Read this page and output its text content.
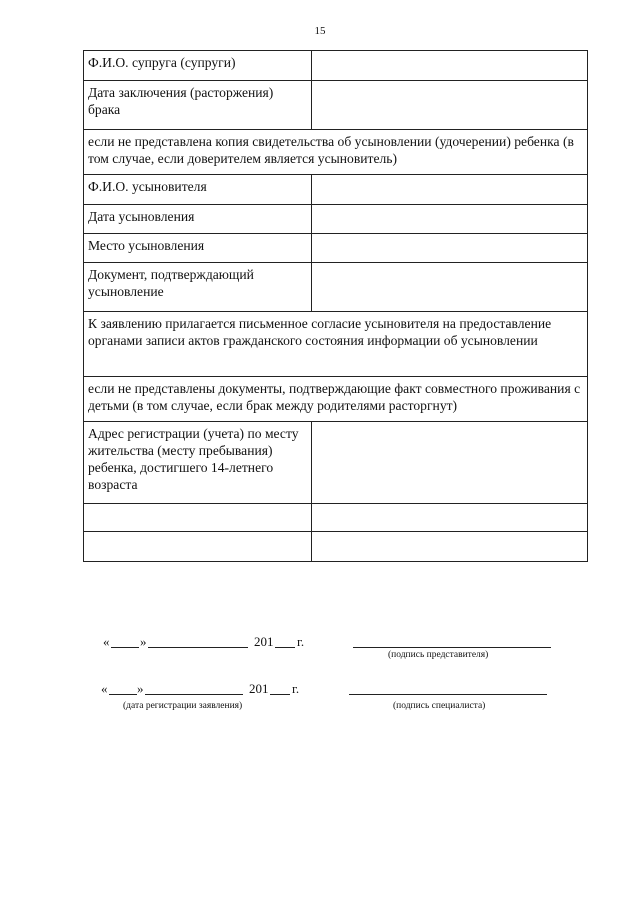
15
Ф.И.О. супруга (супруги)	
Дата заключения (расторжения) брака	
если не представлена копия свидетельства об усыновлении (удочерении) ребенка (в том случае, если доверителем является усыновитель)	
Ф.И.О. усыновителя	
Дата усыновления	
Место усыновления	
Документ, подтверждающий усыновление	
К заявлению прилагается письменное согласие усыновителя на предоставление органами записи актов гражданского состояния информации об усыновлении	
если не представлены документы, подтверждающие факт совместного проживания с детьми (в том случае, если брак между родителями расторгнут)	
Адрес регистрации (учета) по месту жительства (месту пребывания) ребенка, достигшего 14-летнего возраста	

« »	201 г.
(подпись представителя)
« »	201 г.
(дата регистрации заявления)	(подпись специалиста)
